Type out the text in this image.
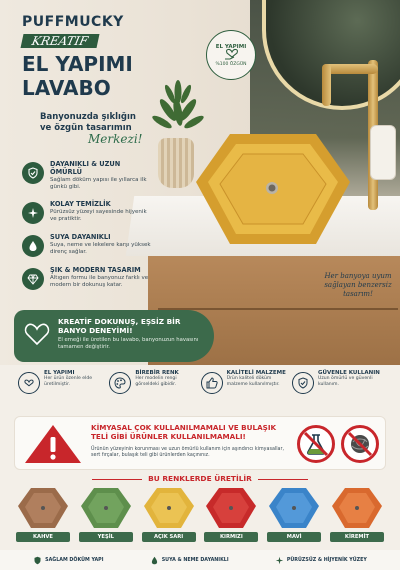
PUFFMUCKY
KREATIF
EL YAPIMI
LAVABO
Banyonuzda şıklığın ve özgün tasarımın
Merkezi!
EL YAPIMI
%100 ÖZGÜN
DAYANIKLI & UZUN ÖMÜRLÜ
Sağlam döküm yapısı ile yıllarca ilk günkü gibi.
KOLAY TEMİZLİK
Pürüzsüz yüzeyi sayesinde hijyenik ve pratiktir.
SUYA DAYANIKLI
Suya, neme ve lekelere karşı yüksek direnç sağlar.
ŞIK & MODERN TASARIM
Altıgen formu ile banyonuz farklı ve modern bir dokunuş katar.
Her banyoya uyum sağlayan benzersiz tasarım!
KREATİF DOKUNUŞ, EŞSİZ BİR BANYO DENEYİMİ!
El emeği ile üretilen bu lavabo, banyonuzun havasını tamamen değiştirir.
EL YAPIMI
Her ürün özenle elde üretilmiştir.
BİREBİR RENK
Her modelin rengi görseldeki gibidir.
KALİTELİ MALZEME
Ürün kaliteli döküm malzeme kullanılmıştır.
GÜVENLE KULLANIN
Uzun ömürlü ve güvenli kullanım.
KİMYASAL ÇOK KULLANILMAMALI VE BULAŞIK TELİ GİBİ ÜRÜNLER KULLANILMAMALI!
Ürünün yüzeyinin korunması ve uzun ömürlü kullanım için aşındırıcı kimyasallar, sert fırçalar, bulaşık teli gibi ürünlerden kaçınınız.
BU RENKLERDE ÜRETİLİR
KAHVE	YEŞİL	AÇIK SARI	KIRMIZI	MAVİ	KİREMİT
SAĞLAM DÖKÜM YAPI	SUYA & NEME DAYANIKLI	PÜRÜZSÜZ & HİJYENİK YÜZEY
